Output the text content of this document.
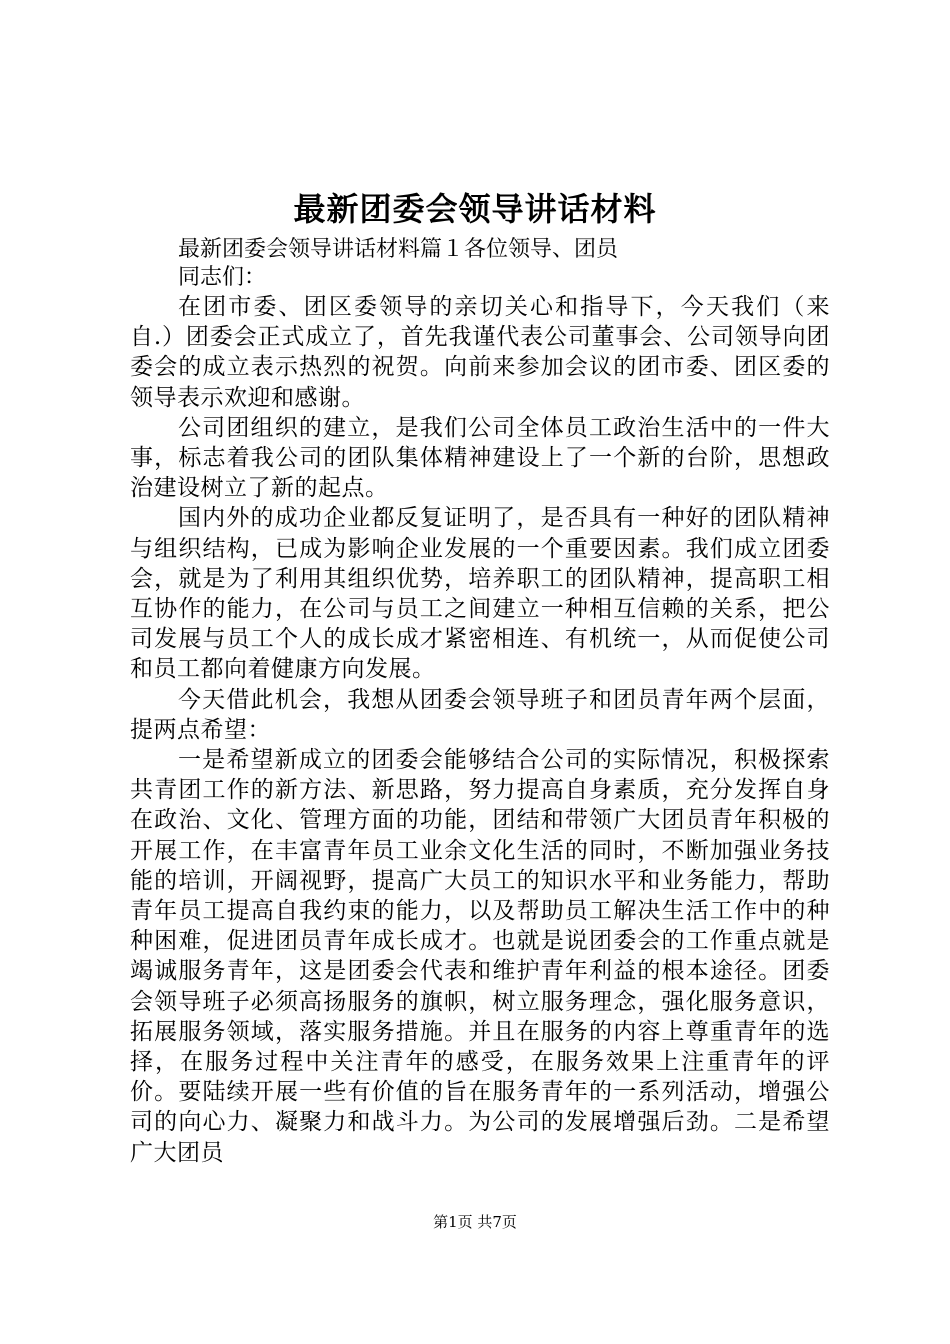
最新团委会领导讲话材料

最新团委会领导讲话材料篇１各位领导、团员

同志们：

在团市委、团区委领导的亲切关心和指导下，今天我们（来自.）团委会正式成立了，首先我谨代表公司董事会、公司领导向团委会的成立表示热烈的祝贺。向前来参加会议的团市委、团区委的领导表示欢迎和感谢。

公司团组织的建立，是我们公司全体员工政治生活中的一件大事，标志着我公司的团队集体精神建设上了一个新的台阶，思想政治建设树立了新的起点。

国内外的成功企业都反复证明了，是否具有一种好的团队精神与组织结构，已成为影响企业发展的一个重要因素。我们成立团委会，就是为了利用其组织优势，培养职工的团队精神，提高职工相互协作的能力，在公司与员工之间建立一种相互信赖的关系，把公司发展与员工个人的成长成才紧密相连、有机统一，从而促使公司和员工都向着健康方向发展。

今天借此机会，我想从团委会领导班子和团员青年两个层面，提两点希望：

一是希望新成立的团委会能够结合公司的实际情况，积极探索共青团工作的新方法、新思路，努力提高自身素质，充分发挥自身在政治、文化、管理方面的功能，团结和带领广大团员青年积极的开展工作，在丰富青年员工业余文化生活的同时，不断加强业务技能的培训，开阔视野，提高广大员工的知识水平和业务能力，帮助青年员工提高自我约束的能力，以及帮助员工解决生活工作中的种种困难，促进团员青年成长成才。也就是说团委会的工作重点就是竭诚服务青年，这是团委会代表和维护青年利益的根本途径。团委会领导班子必须高扬服务的旗帜，树立服务理念，强化服务意识，拓展服务领域，落实服务措施。并且在服务的内容上尊重青年的选择，在服务过程中关注青年的感受，在服务效果上注重青年的评价。要陆续开展一些有价值的旨在服务青年的一系列活动，增强公司的向心力、凝聚力和战斗力。为公司的发展增强后劲。二是希望广大团员

第1页 共7页
